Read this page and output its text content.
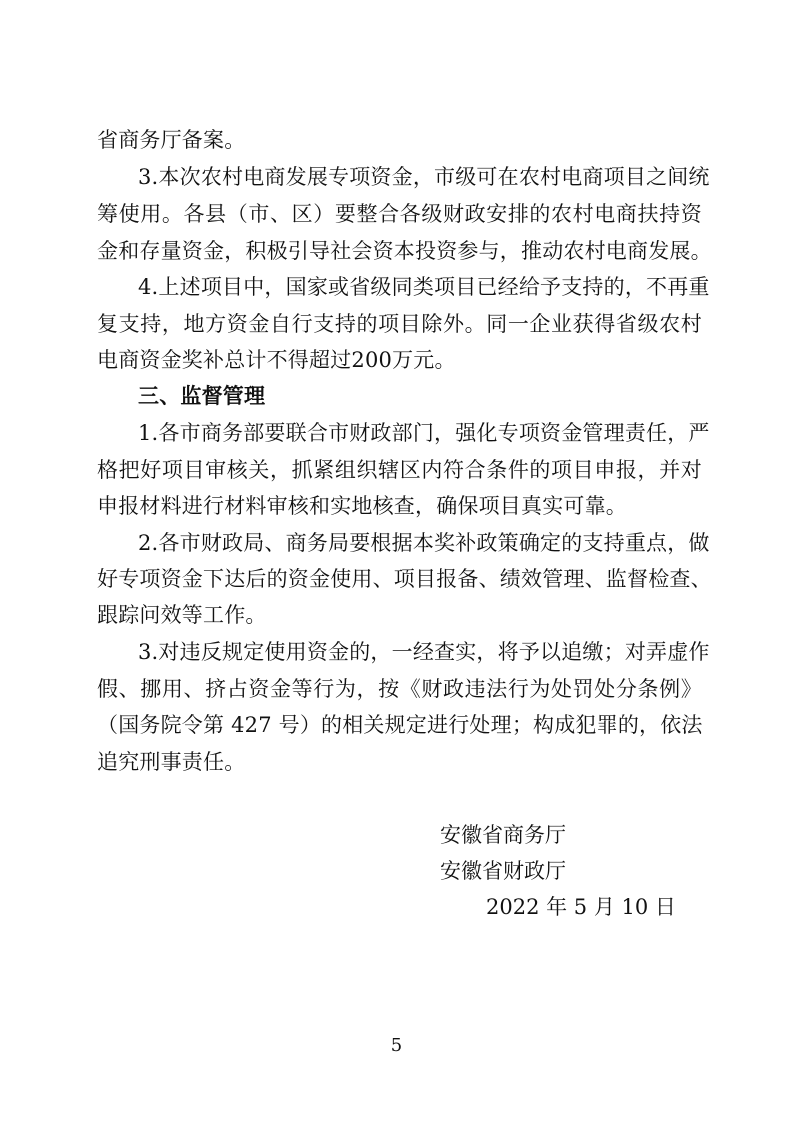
省商务厅备案。
3.本次农村电商发展专项资金，市级可在农村电商项目之间统
筹使用。各县（市、区）要整合各级财政安排的农村电商扶持资
金和存量资金，积极引导社会资本投资参与，推动农村电商发展。
4.上述项目中，国家或省级同类项目已经给予支持的，不再重
复支持，地方资金自行支持的项目除外。同一企业获得省级农村
电商资金奖补总计不得超过200万元。
三、监督管理
1.各市商务部要联合市财政部门，强化专项资金管理责任，严
格把好项目审核关，抓紧组织辖区内符合条件的项目申报，并对
申报材料进行材料审核和实地核查，确保项目真实可靠。
2.各市财政局、商务局要根据本奖补政策确定的支持重点，做
好专项资金下达后的资金使用、项目报备、绩效管理、监督检查、
跟踪问效等工作。
3.对违反规定使用资金的，一经查实，将予以追缴；对弄虚作
假、挪用、挤占资金等行为，按《财政违法行为处罚处分条例》
（国务院令第 427 号）的相关规定进行处理；构成犯罪的，依法
追究刑事责任。
安徽省商务厅
安徽省财政厅
2022 年 5 月 10 日
5
